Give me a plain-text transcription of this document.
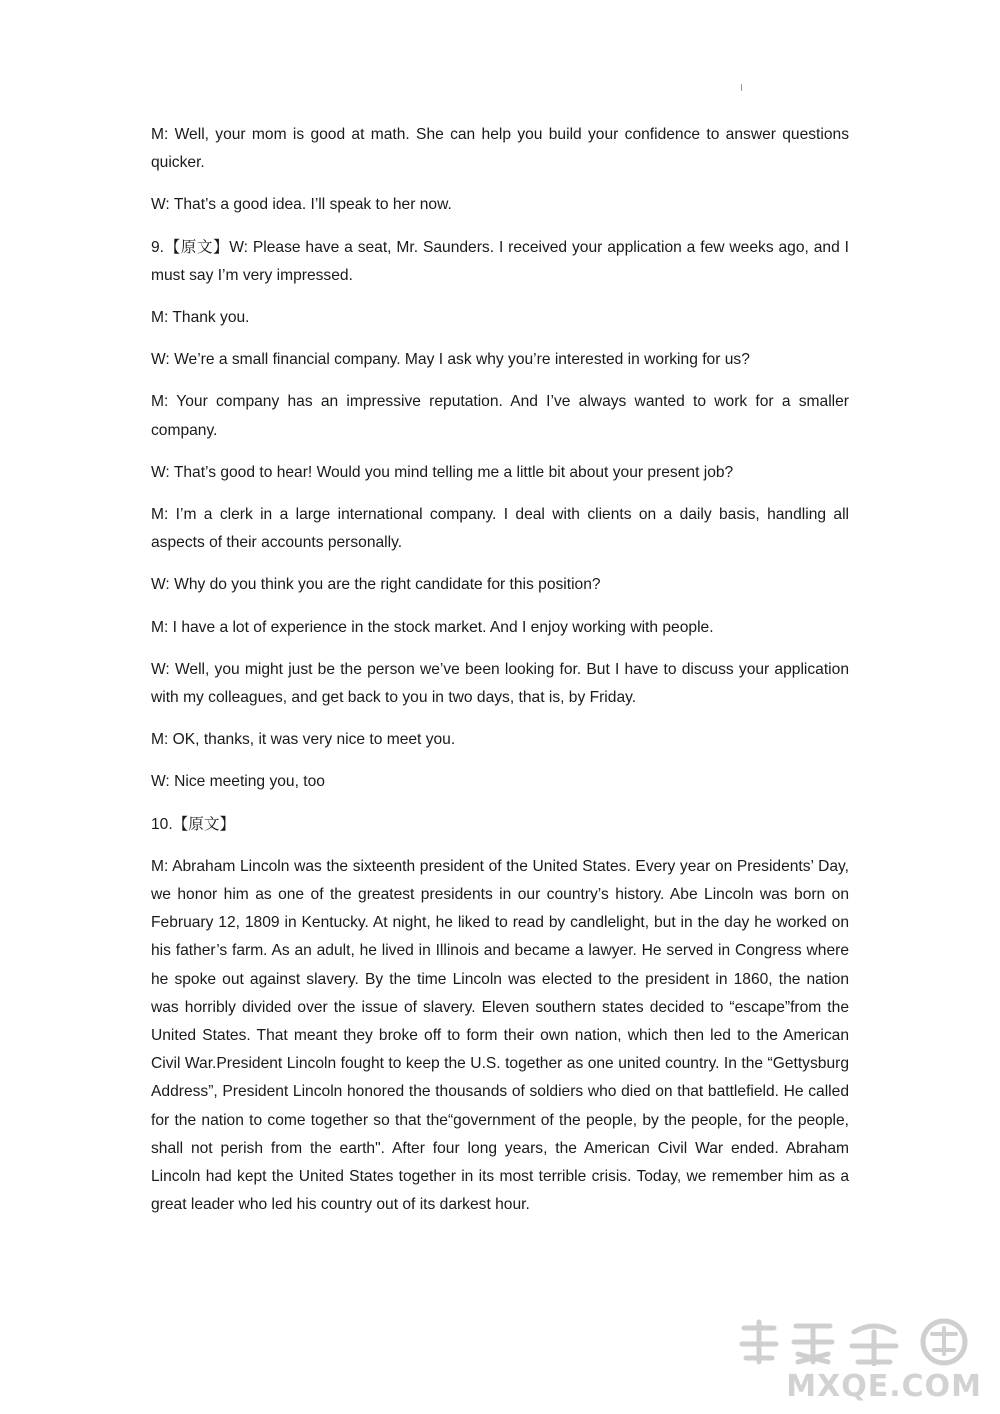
M: Well, your mom is good at math. She can help you build your confidence to answer questions quicker.

W: That’s a good idea. I’ll speak to her now.

9.【原文】W: Please have a seat, Mr. Saunders. I received your application a few weeks ago, and I must say I’m very impressed.

M: Thank you.

W: We’re a small financial company. May I ask why you’re interested in working for us?

M: Your company has an impressive reputation. And I’ve always wanted to work for a smaller company.

W: That’s good to hear! Would you mind telling me a little bit about your present job?

M: I’m a clerk in a large international company. I deal with clients on a daily basis, handling all aspects of their accounts personally.

W: Why do you think you are the right candidate for this position?

M: I have a lot of experience in the stock market. And I enjoy working with people.

W: Well, you might just be the person we’ve been looking for. But I have to discuss your application with my colleagues, and get back to you in two days, that is, by Friday.

M: OK, thanks, it was very nice to meet you.

W: Nice meeting you, too

10.【原文】

M: Abraham Lincoln was the sixteenth president of the United States. Every year on Presidents’ Day, we honor him as one of the greatest presidents in our country’s history. Abe Lincoln was born on February 12, 1809 in Kentucky. At night, he liked to read by candlelight, but in the day he worked on his father’s farm. As an adult, he lived in Illinois and became a lawyer. He served in Congress where he spoke out against slavery. By the time Lincoln was elected to the president in 1860, the nation was horribly divided over the issue of slavery. Eleven southern states decided to “escape”from the United States. That meant they broke off to form their own nation, which then led to the American Civil War.President Lincoln fought to keep the U.S. together as one united country. In the “Gettysburg Address”, President Lincoln honored the thousands of soldiers who died on that battlefield. He called for the nation to come together so that the“government of the people, by the people, for the people, shall not perish from the earth". After four long years, the American Civil War ended. Abraham Lincoln had kept the United States together in its most terrible crisis. Today, we remember him as a great leader who led his country out of its darkest hour.

MXQE.COM
